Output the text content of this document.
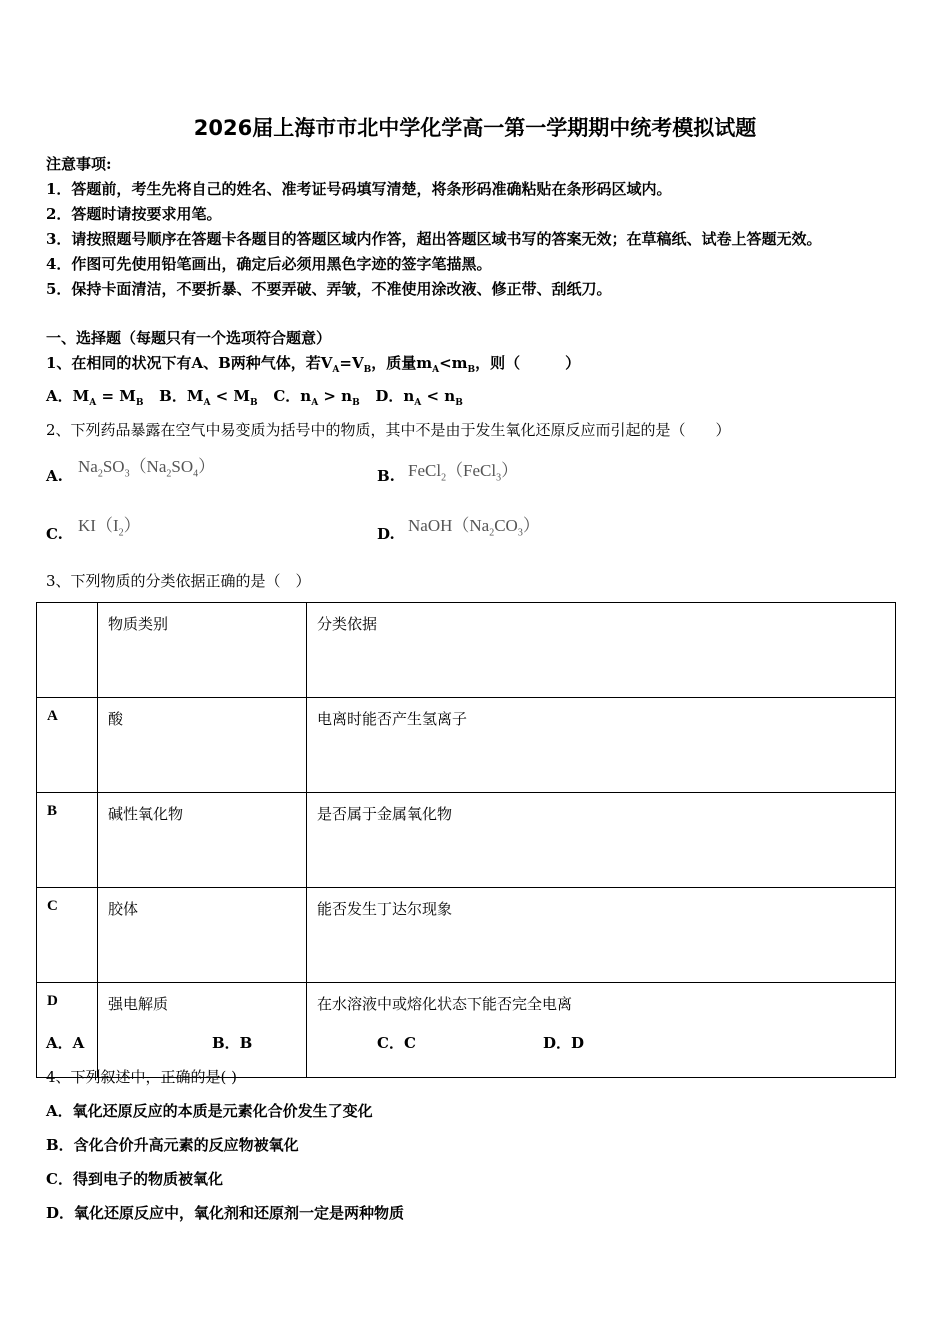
2026届上海市市北中学化学高一第一学期期中统考模拟试题
注意事项:
1．答题前，考生先将自己的姓名、准考证号码填写清楚，将条形码准确粘贴在条形码区域内。
2．答题时请按要求用笔。
3．请按照题号顺序在答题卡各题目的答题区域内作答，超出答题区域书写的答案无效；在草稿纸、试卷上答题无效。
4．作图可先使用铅笔画出，确定后必须用黑色字迹的签字笔描黑。
5．保持卡面清洁，不要折暴、不要弄破、弄皱，不准使用涂改液、修正带、刮纸刀。
一、选择题（每题只有一个选项符合题意）
1、在相同的状况下有A、B两种气体，若$V_A=V_B$，质量$m_A<m_B$，则（　　　）
A．$M_A = M_B$ B．$M_A < M_B$ C．$n_A > n_B$ D．$n_A < n_B$
2、下列药品暴露在空气中易变质为括号中的物质，其中不是由于发生氧化还原反应而引起的是（　　）
A. $Na_2SO_3(Na_2SO_4)$	B. FeCl$_2$（FeCl$_3$）
C. $KI(I_2)$	D. $NaOH(Na_2CO_3)$
3、下列物质的分类依据正确的是（　）
	物质类别	分类依据
A	酸	电离时能否产生氢离子
B	碱性氧化物	是否属于金属氧化物
C	胶体	能否发生丁达尔现象
D	强电解质	在水溶液中或熔化状态下能否完全电离
A．A	B．B	C．C	D．D
4、下列叙述中，正确的是( )
A．氧化还原反应的本质是元素化合价发生了变化
B．含化合价升高元素的反应物被氧化
C．得到电子的物质被氧化
D．氧化还原反应中，氧化剂和还原剂一定是两种物质
